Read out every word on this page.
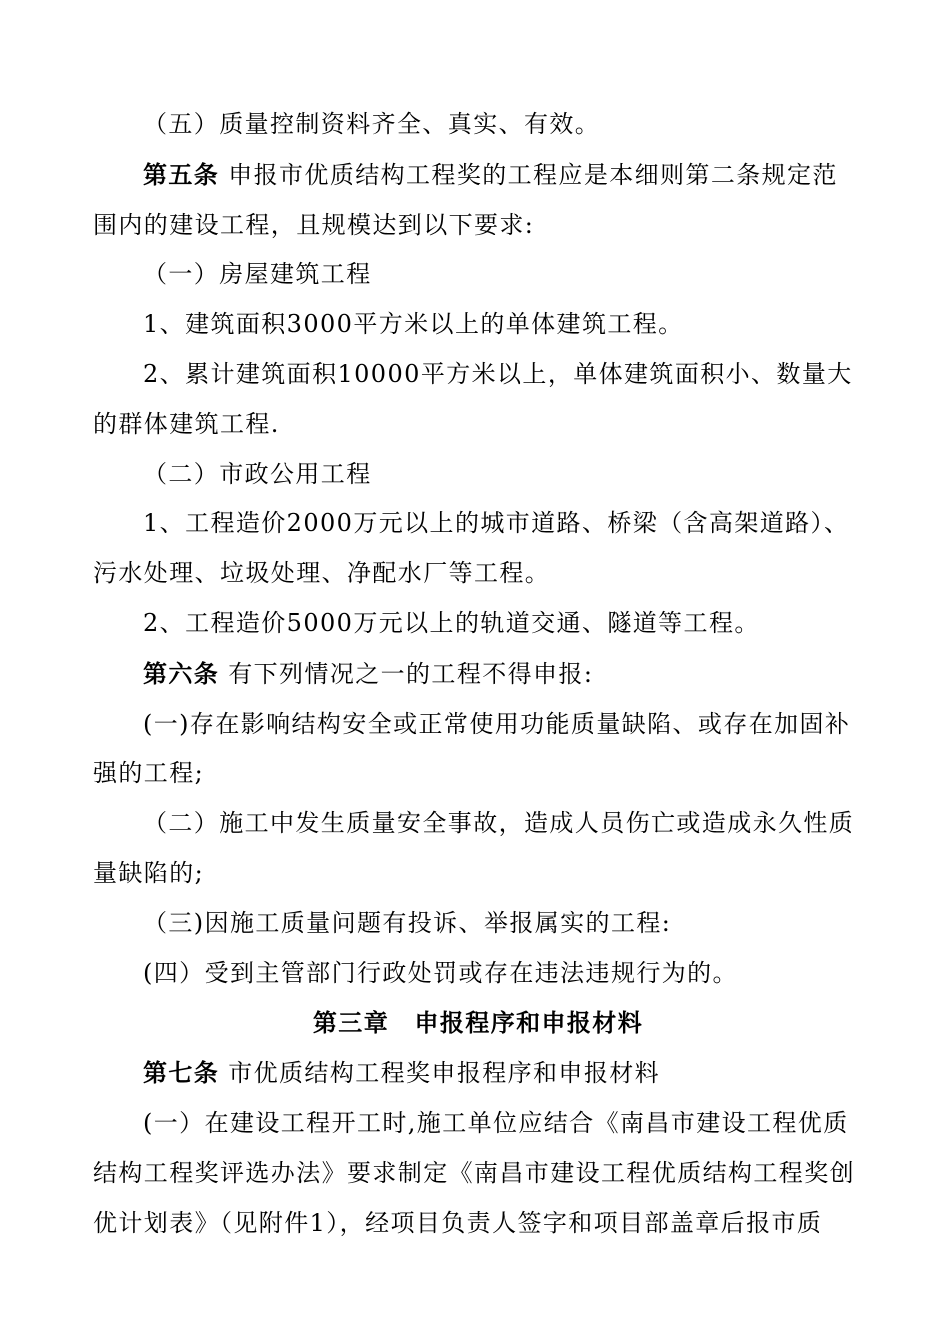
（五）质量控制资料齐全、真实、有效。

第五条 申报市优质结构工程奖的工程应是本细则第二条规定范

围内的建设工程，且规模达到以下要求:

（一）房屋建筑工程

1、建筑面积3000平方米以上的单体建筑工程。

2、累计建筑面积10000平方米以上，单体建筑面积小、数量大

的群体建筑工程.

（二）市政公用工程

1、工程造价2000万元以上的城市道路、桥梁（含高架道路）、

污水处理、垃圾处理、净配水厂等工程。

2、工程造价5000万元以上的轨道交通、隧道等工程。

第六条 有下列情况之一的工程不得申报:

(一)存在影响结构安全或正常使用功能质量缺陷、或存在加固补

强的工程;

（二）施工中发生质量安全事故，造成人员伤亡或造成永久性质

量缺陷的;

（三)因施工质量问题有投诉、举报属实的工程:

(四）受到主管部门行政处罚或存在违法违规行为的。

第三章　申报程序和申报材料

第七条 市优质结构工程奖申报程序和申报材料

(一）在建设工程开工时,施工单位应结合《南昌市建设工程优质

结构工程奖评选办法》要求制定《南昌市建设工程优质结构工程奖创

优计划表》（见附件1），经项目负责人签字和项目部盖章后报市质
